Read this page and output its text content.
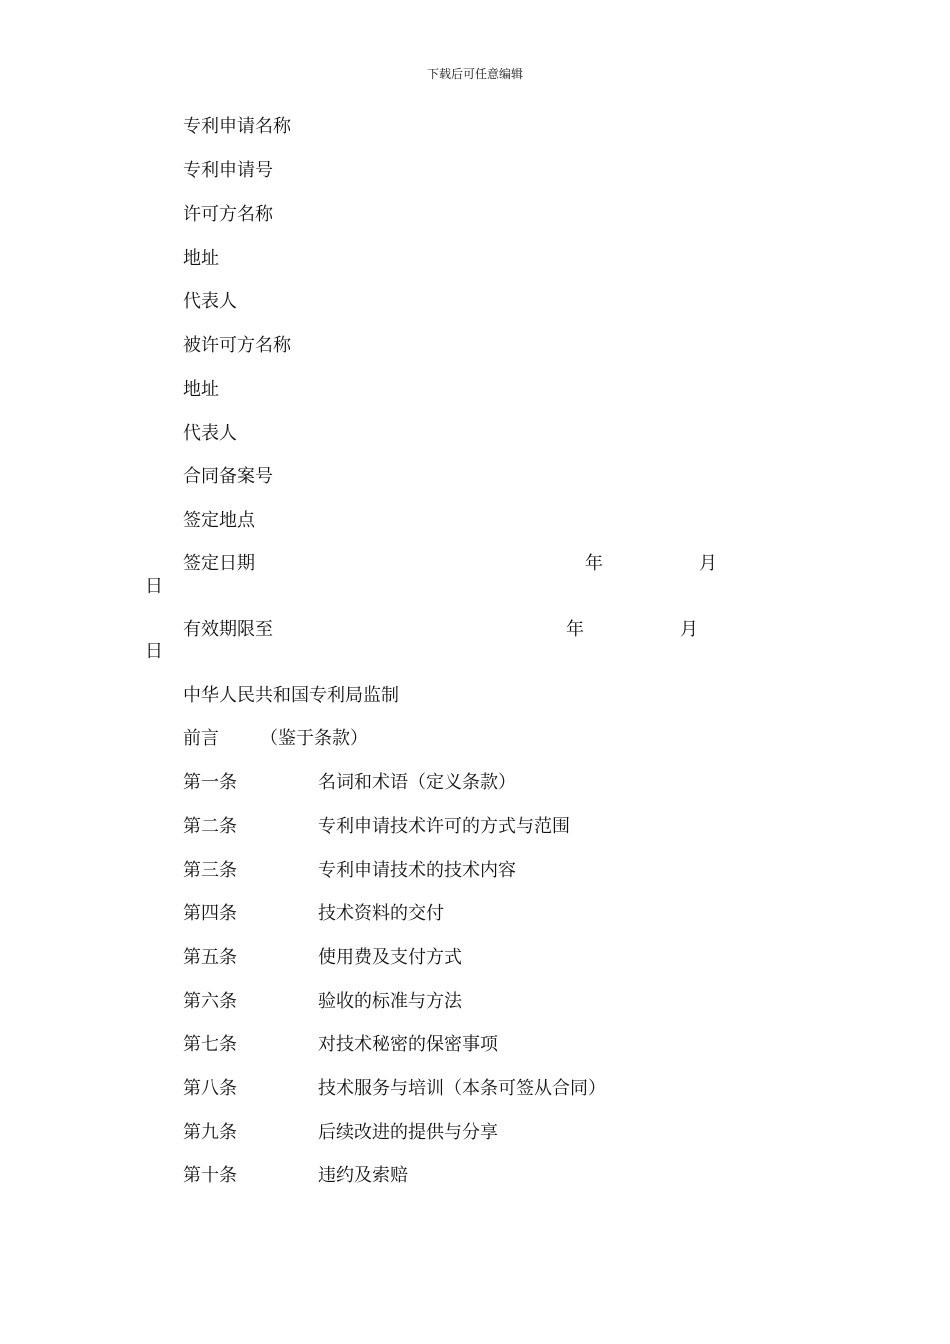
下载后可任意编辑
专利申请名称
专利申请号
许可方名称
地址
代表人
被许可方名称
地址
代表人
合同备案号
签定地点
签定日期	年	月
日
有效期限至	年	月
日
中华人民共和国专利局监制
前言 （鉴于条款）
第一条	名词和术语（定义条款）
第二条	专利申请技术许可的方式与范围
第三条	专利申请技术的技术内容
第四条	技术资料的交付
第五条	使用费及支付方式
第六条	验收的标准与方法
第七条	对技术秘密的保密事项
第八条	技术服务与培训（本条可签从合同）
第九条	后续改进的提供与分享
第十条	违约及索赔
